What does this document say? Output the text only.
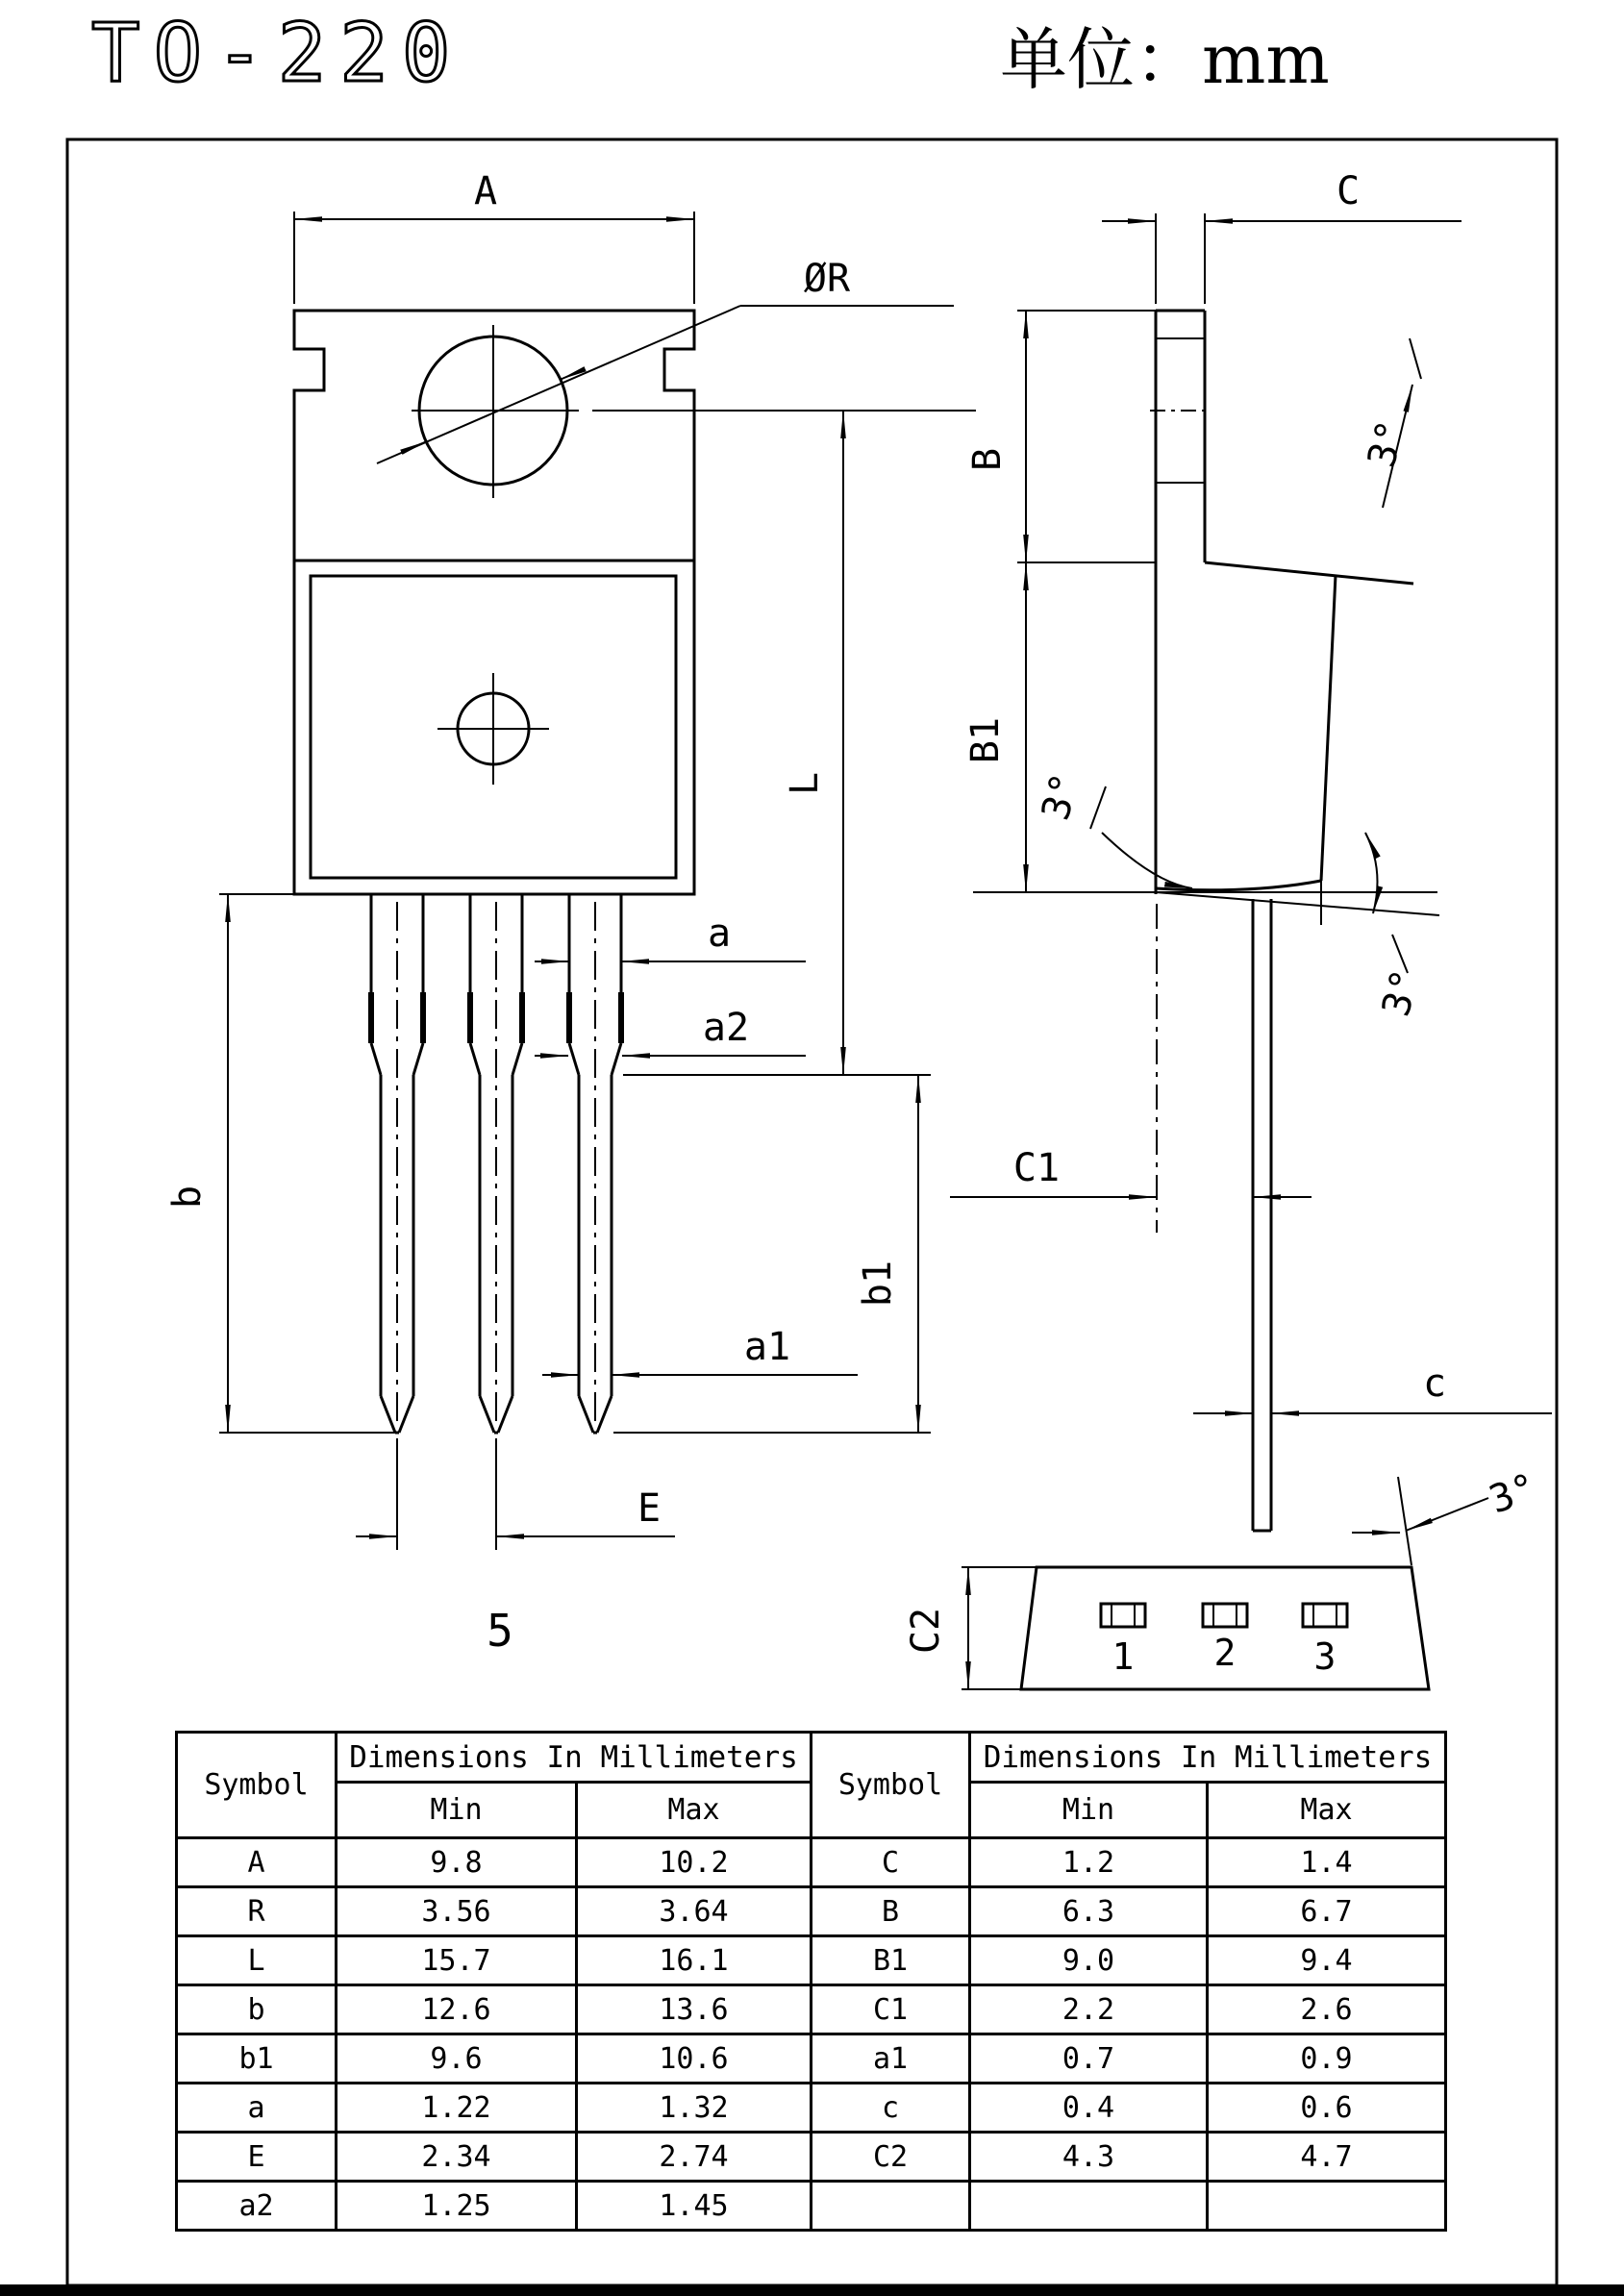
TO-220	单位：mm
A
ØR
a
a2
L
b
b1
a1
E
5
C
B
B1
C1
c
3°
3°
3°
C2
1 2 3
3°
Symbol	Dimensions In Millimeters	
	Min	Max
A	9.8	10.2
R	3.56	3.64
L	15.7	16.1
b	12.6	13.6
b1	9.6	10.6
a	1.22	1.32
E	2.34	2.74
a2	1.25	1.45
Symbol	Dimensions In Millimeters	
	Min	Max
C	1.2	1.4
B	6.3	6.7
B1	9.0	9.4
C1	2.2	2.6
a1	0.7	0.9
c	0.4	0.6
C2	4.3	4.7
